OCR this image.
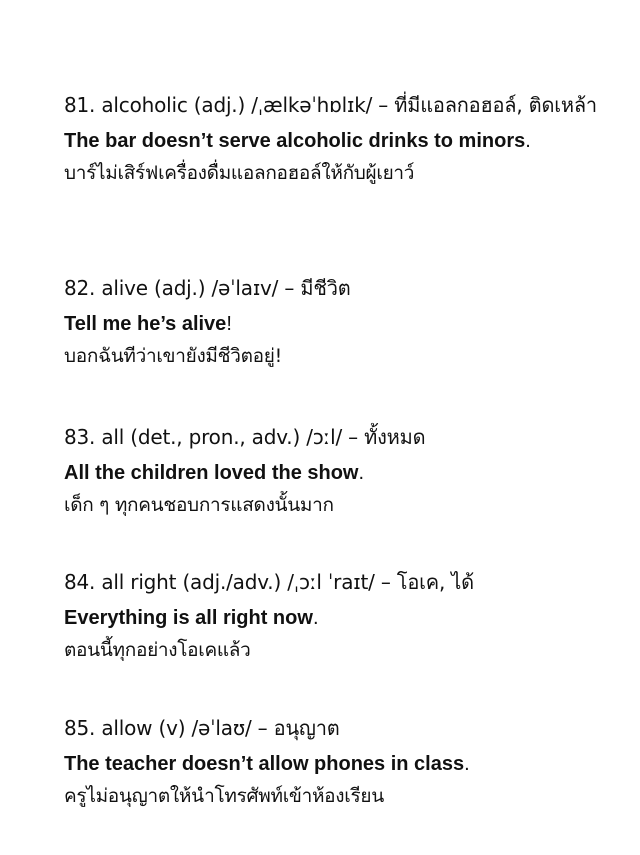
81. alcoholic (adj.) /ˌælkəˈhɒlɪk/ – ที่มีแอลกอฮอล์, ติดเหล้า
The bar doesn’t serve alcoholic drinks to minors.
บาร์ไม่เสิร์ฟเครื่องดื่มแอลกอฮอล์ให้กับผู้เยาว์
82. alive (adj.) /əˈlaɪv/ – มีชีวิต
Tell me he’s alive!
บอกฉันทีว่าเขายังมีชีวิตอยู่!
83. all (det., pron., adv.) /ɔːl/ – ทั้งหมด
All the children loved the show.
เด็ก ๆ ทุกคนชอบการแสดงนั้นมาก
84. all right (adj./adv.) /ˌɔːl ˈraɪt/ – โอเค, ได้
Everything is all right now.
ตอนนี้ทุกอย่างโอเคแล้ว
85. allow (v) /əˈlaʊ/ – อนุญาต
The teacher doesn’t allow phones in class.
ครูไม่อนุญาตให้นำโทรศัพท์เข้าห้องเรียน
